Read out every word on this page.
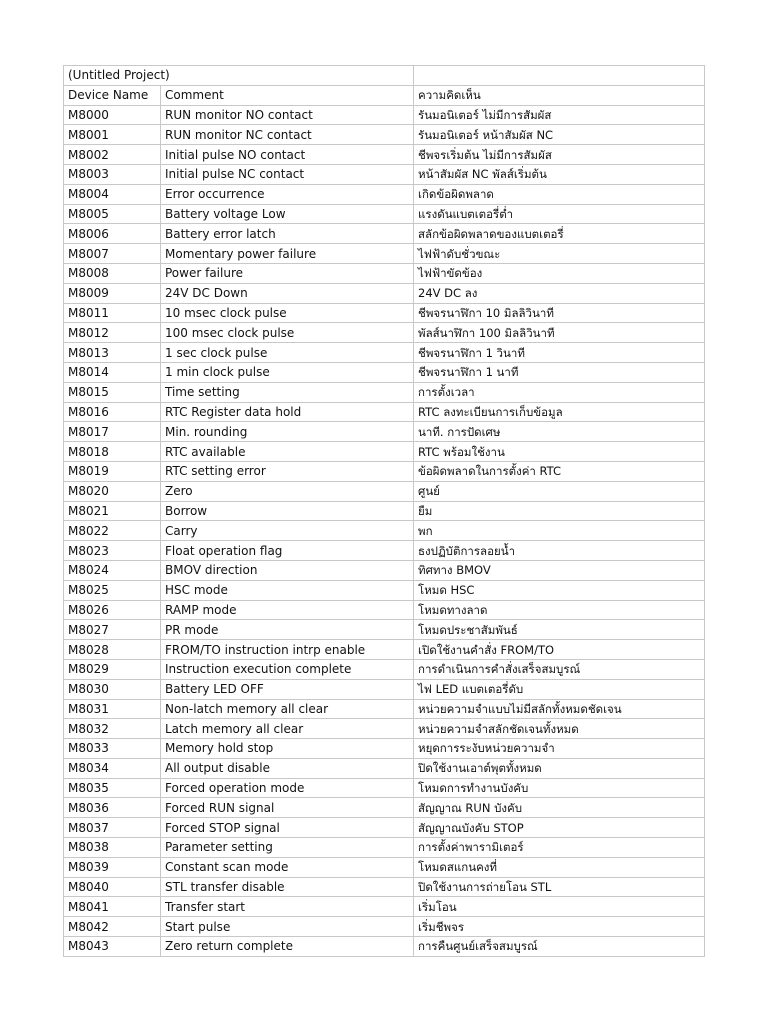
(Untitled Project)		
Device Name	Comment	ความคิดเห็น
M8000	RUN monitor NO contact	รันมอนิเตอร์ ไม่มีการสัมผัส
M8001	RUN monitor NC contact	รันมอนิเตอร์ หน้าสัมผัส NC
M8002	Initial pulse NO contact	ชีพจรเริ่มต้น ไม่มีการสัมผัส
M8003	Initial pulse NC contact	หน้าสัมผัส NC พัลส์เริ่มต้น
M8004	Error occurrence	เกิดข้อผิดพลาด
M8005	Battery voltage Low	แรงดันแบตเตอรี่ต่ำ
M8006	Battery error latch	สลักข้อผิดพลาดของแบตเตอรี่
M8007	Momentary power failure	ไฟฟ้าดับชั่วขณะ
M8008	Power failure	ไฟฟ้าขัดข้อง
M8009	24V DC Down	24V DC ลง
M8011	10 msec clock pulse	ชีพจรนาฬิกา 10 มิลลิวินาที
M8012	100 msec clock pulse	พัลส์นาฬิกา 100 มิลลิวินาที
M8013	1 sec clock pulse	ชีพจรนาฬิกา 1 วินาที
M8014	1 min clock pulse	ชีพจรนาฬิกา 1 นาที
M8015	Time setting	การตั้งเวลา
M8016	RTC Register data hold	RTC ลงทะเบียนการเก็บข้อมูล
M8017	Min. rounding	นาที. การปัดเศษ
M8018	RTC available	RTC พร้อมใช้งาน
M8019	RTC setting error	ข้อผิดพลาดในการตั้งค่า RTC
M8020	Zero	ศูนย์
M8021	Borrow	ยืม
M8022	Carry	พก
M8023	Float operation flag	ธงปฏิบัติการลอยน้ำ
M8024	BMOV direction	ทิศทาง BMOV
M8025	HSC mode	โหมด HSC
M8026	RAMP mode	โหมดทางลาด
M8027	PR mode	โหมดประชาสัมพันธ์
M8028	FROM/TO instruction intrp enable	เปิดใช้งานคำสั่ง FROM/TO
M8029	Instruction execution complete	การดำเนินการคำสั่งเสร็จสมบูรณ์
M8030	Battery LED OFF	ไฟ LED แบตเตอรี่ดับ
M8031	Non-latch memory all clear	หน่วยความจำแบบไม่มีสลักทั้งหมดชัดเจน
M8032	Latch memory all clear	หน่วยความจำสลักชัดเจนทั้งหมด
M8033	Memory hold stop	หยุดการระงับหน่วยความจำ
M8034	All output disable	ปิดใช้งานเอาต์พุตทั้งหมด
M8035	Forced operation mode	โหมดการทำงานบังคับ
M8036	Forced RUN signal	สัญญาณ RUN บังคับ
M8037	Forced STOP signal	สัญญาณบังคับ STOP
M8038	Parameter setting	การตั้งค่าพารามิเตอร์
M8039	Constant scan mode	โหมดสแกนคงที่
M8040	STL transfer disable	ปิดใช้งานการถ่ายโอน STL
M8041	Transfer start	เริ่มโอน
M8042	Start pulse	เริ่มชีพจร
M8043	Zero return complete	การคืนศูนย์เสร็จสมบูรณ์
